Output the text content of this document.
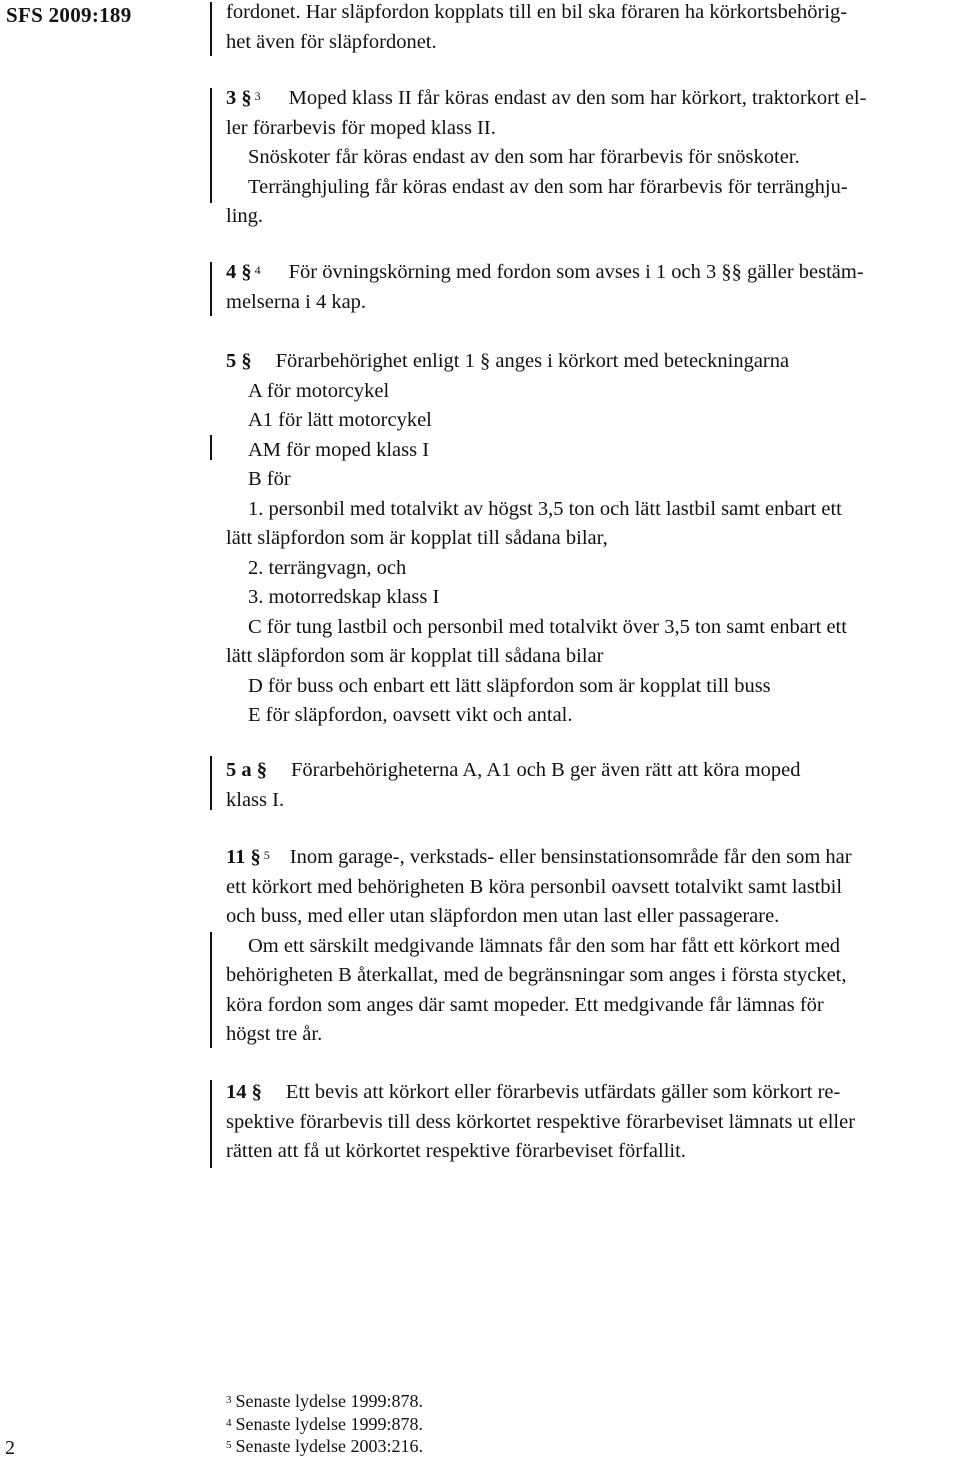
SFS 2009:189	fordonet. Har släpfordon kopplats till en bil ska föraren ha körkortsbehörig-
het även för släpfordonet.
3 § $^3$ Moped klass II får köras endast av den som har körkort, traktorkort el-
ler förarbevis för moped klass II.
Snöskoter får köras endast av den som har förarbevis för snöskoter.
Terränghjuling får köras endast av den som har förarbevis för terränghju-
ling.
4 § $^4$ För övningskörning med fordon som avses i 1 och 3 §§ gäller bestäm-
melserna i 4 kap.
5 § Förarbehörighet enligt 1 § anges i körkort med beteckningarna
A för motorcykel
A1 för lätt motorcykel
AM för moped klass I
B för
1. personbil med totalvikt av högst 3,5 ton och lätt lastbil samt enbart ett
lätt släpfordon som är kopplat till sådana bilar,
2. terrängvagn, och
3. motorredskap klass I
C för tung lastbil och personbil med totalvikt över 3,5 ton samt enbart ett
lätt släpfordon som är kopplat till sådana bilar
D för buss och enbart ett lätt släpfordon som är kopplat till buss
E för släpfordon, oavsett vikt och antal.
5 a § Förarbehörigheterna A, A1 och B ger även rätt att köra moped
klass I.
11 § $^5$ Inom garage-, verkstads- eller bensinstationsområde får den som har
ett körkort med behörigheten B köra personbil oavsett totalvikt samt lastbil
och buss, med eller utan släpfordon men utan last eller passagerare.
Om ett särskilt medgivande lämnats får den som har fått ett körkort med
behörigheten B återkallat, med de begränsningar som anges i första stycket,
köra fordon som anges där samt mopeder. Ett medgivande får lämnas för
högst tre år.
14 § Ett bevis att körkort eller förarbevis utfärdats gäller som körkort re-
spektive förarbevis till dess körkortet respektive förarbeviset lämnats ut eller
rätten att få ut körkortet respektive förarbeviset förfallit.
$^3$ Senaste lydelse 1999:878.
$^4$ Senaste lydelse 1999:878.
$^5$ Senaste lydelse 2003:216.
2
